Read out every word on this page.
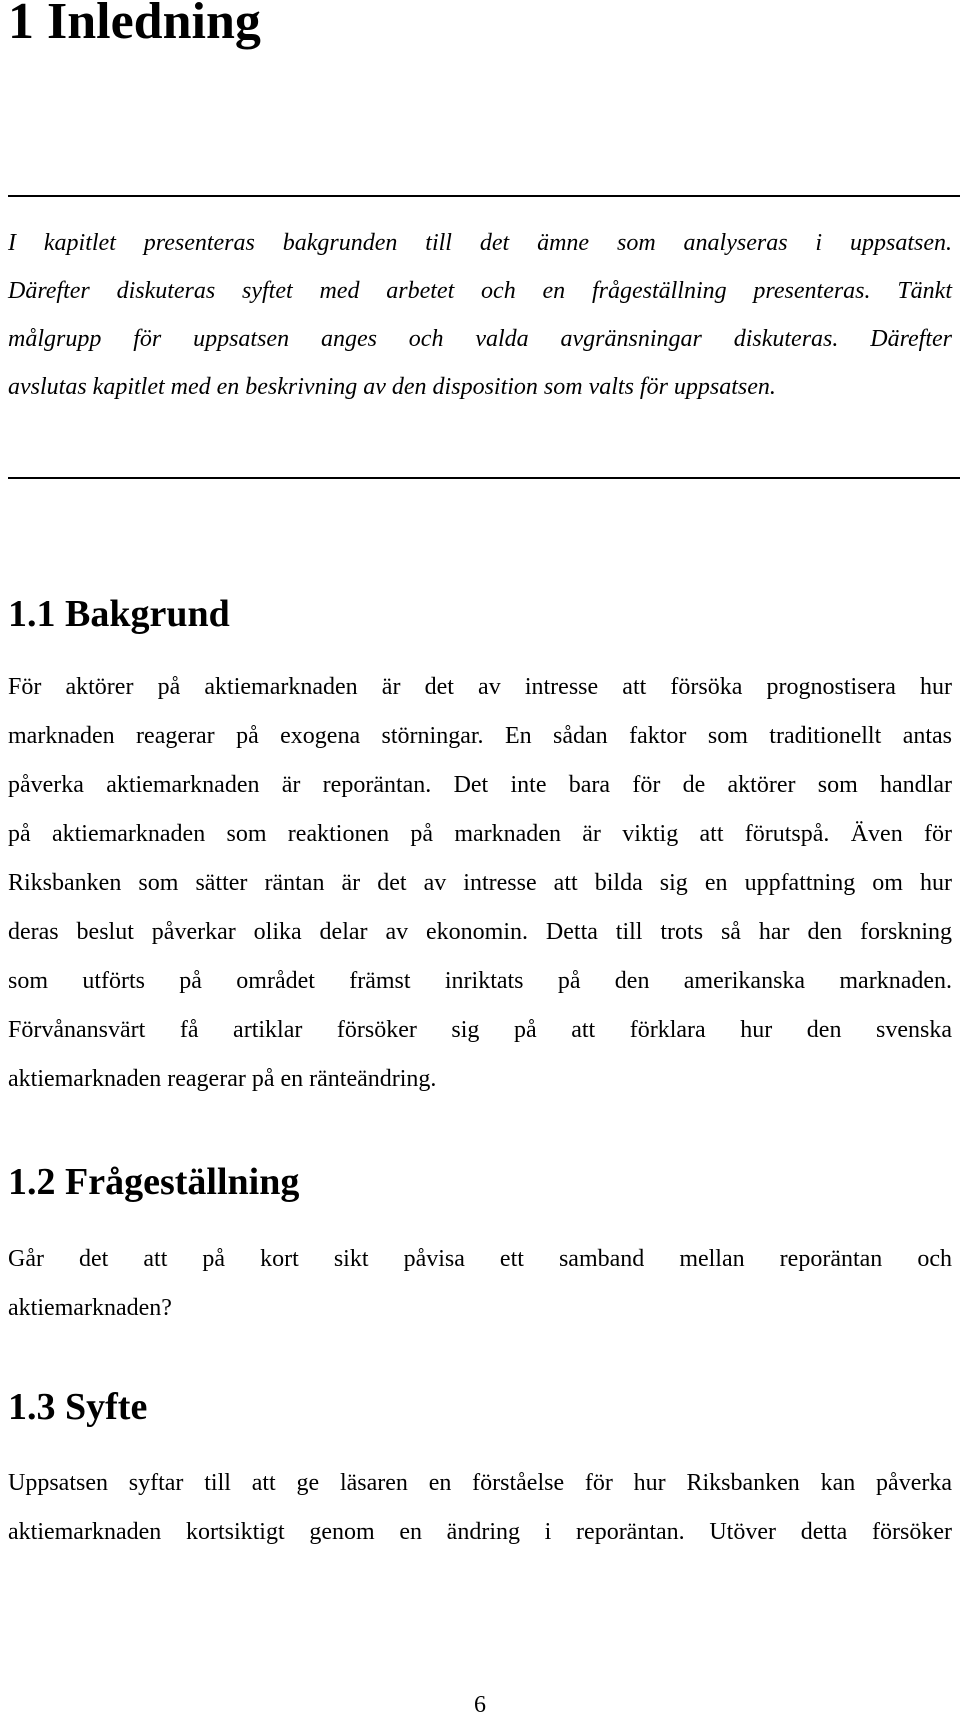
1 Inledning
I kapitlet presenteras bakgrunden till det ämne som analyseras i uppsatsen.
Därefter diskuteras syftet med arbetet och en frågeställning presenteras. Tänkt
målgrupp för uppsatsen anges och valda avgränsningar diskuteras. Därefter
avslutas kapitlet med en beskrivning av den disposition som valts för uppsatsen.
1.1 Bakgrund
För aktörer på aktiemarknaden är det av intresse att försöka prognostisera hur
marknaden reagerar på exogena störningar. En sådan faktor som traditionellt antas
påverka aktiemarknaden är reporäntan. Det inte bara för de aktörer som handlar
på aktiemarknaden som reaktionen på marknaden är viktig att förutspå. Även för
Riksbanken som sätter räntan är det av intresse att bilda sig en uppfattning om hur
deras beslut påverkar olika delar av ekonomin. Detta till trots så har den forskning
som utförts på området främst inriktats på den amerikanska marknaden.
Förvånansvärt få artiklar försöker sig på att förklara hur den svenska
aktiemarknaden reagerar på en ränteändring.
1.2 Frågeställning
Går det att på kort sikt påvisa ett samband mellan reporäntan och
aktiemarknaden?
1.3 Syfte
Uppsatsen syftar till att ge läsaren en förståelse för hur Riksbanken kan påverka
aktiemarknaden kortsiktigt genom en ändring i reporäntan. Utöver detta försöker
6
